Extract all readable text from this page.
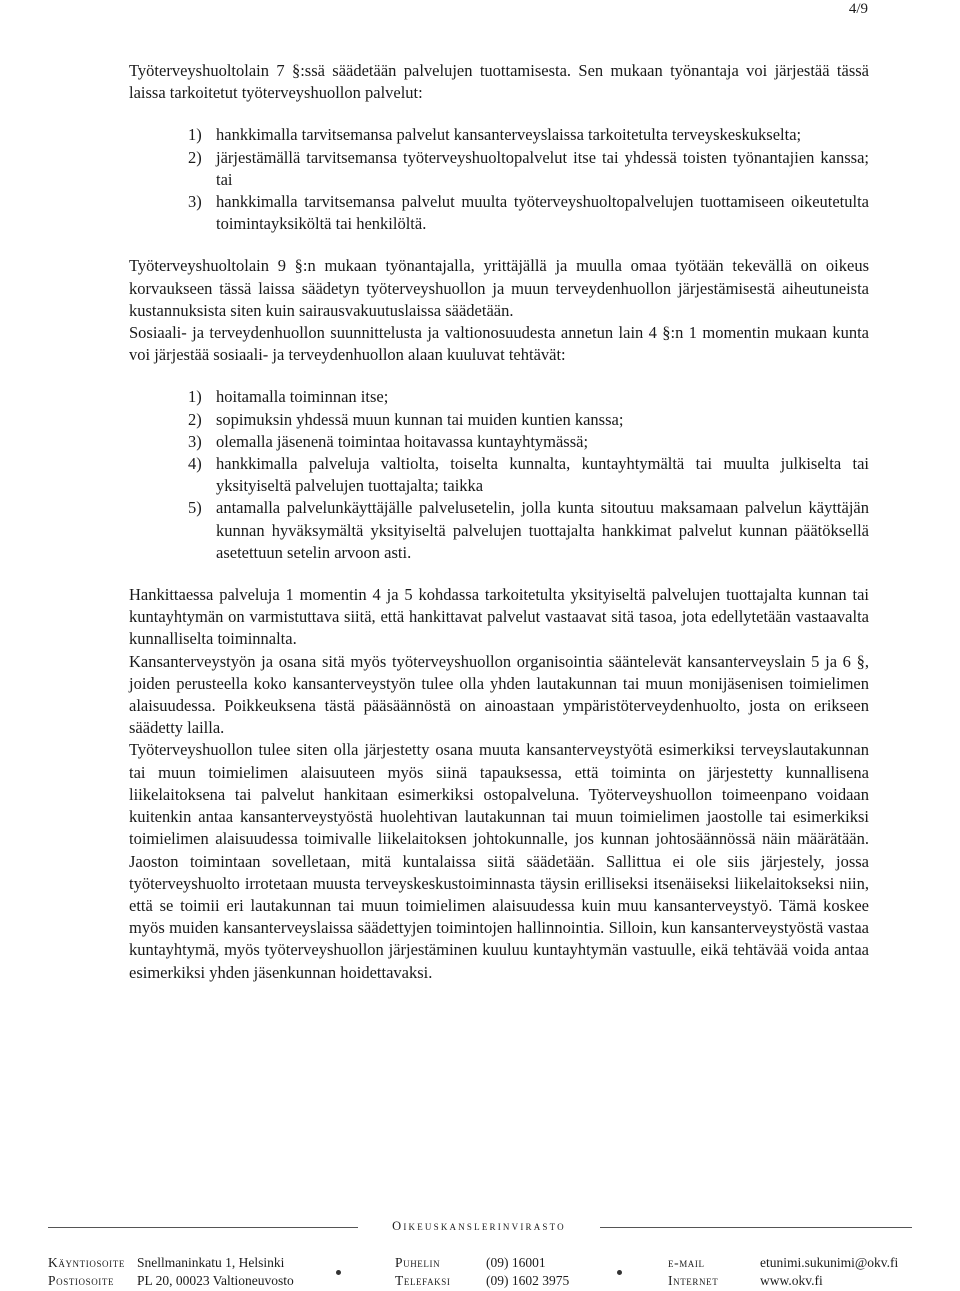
4/9

Työterveyshuoltolain 7 §:ssä säädetään palvelujen tuottamisesta. Sen mukaan työnantaja voi järjestää tässä laissa tarkoitetut työterveyshuollon palvelut:

1) hankkimalla tarvitsemansa palvelut kansanterveyslaissa tarkoitetulta terveyskeskukselta;
2) järjestämällä tarvitsemansa työterveyshuoltopalvelut itse tai yhdessä toisten työnantajien kanssa; tai
3) hankkimalla tarvitsemansa palvelut muulta työterveyshuoltopalvelujen tuottamiseen oikeutetulta toimintayksiköltä tai henkilöltä.

Työterveyshuoltolain 9 §:n mukaan työnantajalla, yrittäjällä ja muulla omaa työtään tekevällä on oikeus korvaukseen tässä laissa säädetyn työterveyshuollon ja muun terveydenhuollon järjestämisestä aiheutuneista kustannuksista siten kuin sairausvakuutuslaissa säädetään.

Sosiaali- ja terveydenhuollon suunnittelusta ja valtionosuudesta annetun lain 4 §:n 1 momentin mukaan kunta voi järjestää sosiaali- ja terveydenhuollon alaan kuuluvat tehtävät:

1) hoitamalla toiminnan itse;
2) sopimuksin yhdessä muun kunnan tai muiden kuntien kanssa;
3) olemalla jäsenenä toimintaa hoitavassa kuntayhtymässä;
4) hankkimalla palveluja valtiolta, toiselta kunnalta, kuntayhtymältä tai muulta julkiselta tai yksityiseltä palvelujen tuottajalta; taikka
5) antamalla palvelunkäyttäjälle palvelusetelin, jolla kunta sitoutuu maksamaan palvelun käyttäjän kunnan hyväksymältä yksityiseltä palvelujen tuottajalta hankkimat palvelut kunnan päätöksellä asetettuun setelin arvoon asti.

Hankittaessa palveluja 1 momentin 4 ja 5 kohdassa tarkoitetulta yksityiseltä palvelujen tuottajalta kunnan tai kuntayhtymän on varmistuttava siitä, että hankittavat palvelut vastaavat sitä tasoa, jota edellytetään vastaavalta kunnalliselta toiminnalta.

Kansanterveystyön ja osana sitä myös työterveyshuollon organisointia sääntelevät kansanterveyslain 5 ja 6 §, joiden perusteella koko kansanterveystyön tulee olla yhden lautakunnan tai muun monijäsenisen toimielimen alaisuudessa. Poikkeuksena tästä pääsäännöstä on ainoastaan ympäristöterveydenhuolto, josta on erikseen säädetty lailla.

Työterveyshuollon tulee siten olla järjestetty osana muuta kansanterveystyötä esimerkiksi terveyslautakunnan tai muun toimielimen alaisuuteen myös siinä tapauksessa, että toiminta on järjestetty kunnallisena liikelaitoksena tai palvelut hankitaan esimerkiksi ostopalveluna. Työterveyshuollon toimeenpano voidaan kuitenkin antaa kansanterveystyöstä huolehtivan lautakunnan tai muun toimielimen jaostolle tai esimerkiksi toimielimen alaisuudessa toimivalle liikelaitoksen johtokunnalle, jos kunnan johtosäännössä näin määrätään. Jaoston toimintaan sovelletaan, mitä kuntalaissa siitä säädetään. Sallittua ei ole siis järjestely, jossa työterveyshuolto irrotetaan muusta terveyskeskustoiminnasta täysin erilliseksi itsenäiseksi liikelaitokseksi niin, että se toimii eri lautakunnan tai muun toimielimen alaisuudessa kuin muu kansanterveystyö. Tämä koskee myös muiden kansanterveyslaissa säädettyjen toimintojen hallinnointia. Silloin, kun kansanterveystyöstä vastaa kuntayhtymä, myös työterveyshuollon järjestäminen kuuluu kuntayhtymän vastuulle, eikä tehtävää voida antaa esimerkiksi yhden jäsenkunnan hoidettavaksi.

Oikeuskanslerinvirasto
Käyntiosoite Snellmaninkatu 1, Helsinki
Postiosoite PL 20, 00023 Valtioneuvosto
Puhelin	(09) 16001
Telefaksi	(09) 1602 3975
e-mail	etunimi.sukunimi@okv.fi
Internet	www.okv.fi
